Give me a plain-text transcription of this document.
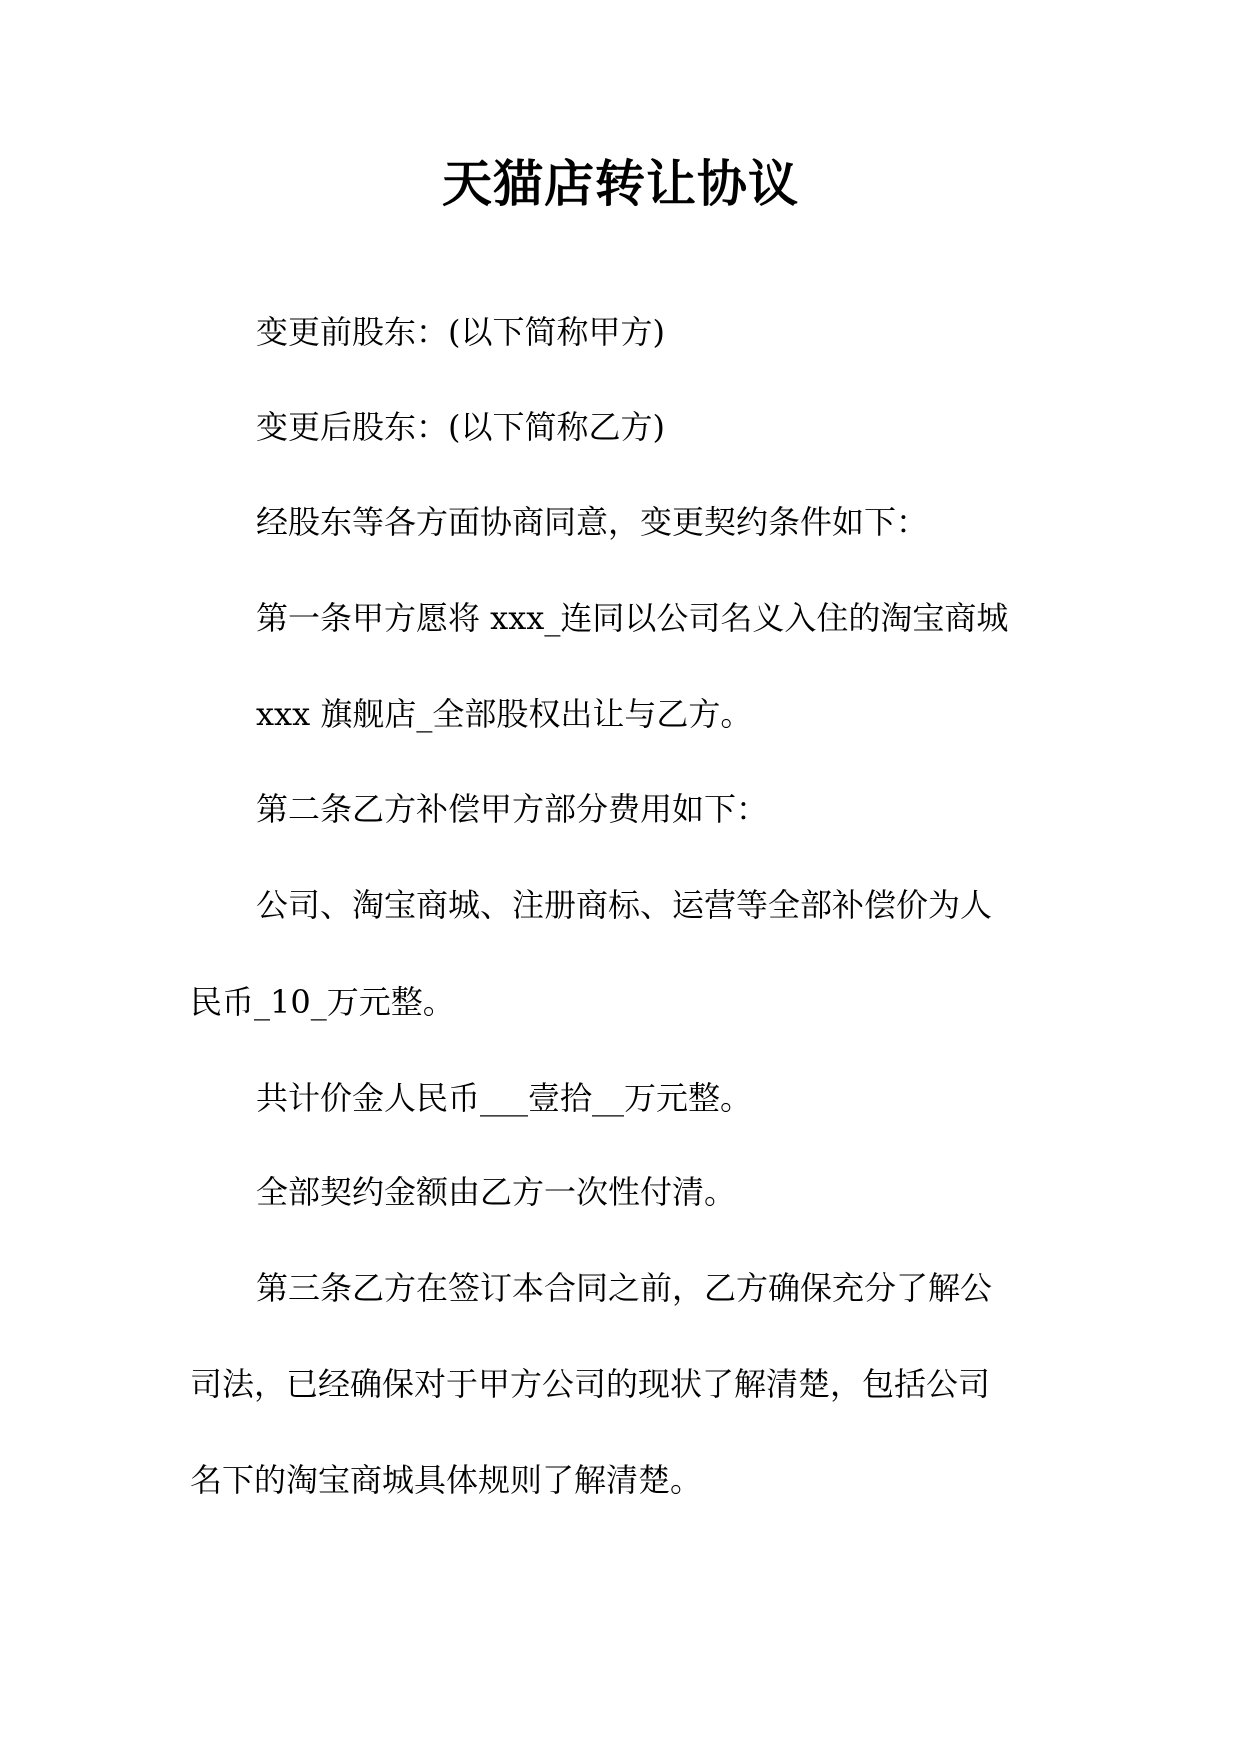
天猫店转让协议
变更前股东：(以下简称甲方)
变更后股东：(以下简称乙方)
经股东等各方面协商同意，变更契约条件如下：
第一条甲方愿将 xxx_连同以公司名义入住的淘宝商城
xxx 旗舰店_全部股权出让与乙方。
第二条乙方补偿甲方部分费用如下：
公司、淘宝商城、注册商标、运营等全部补偿价为人
民币_10_万元整。
共计价金人民币___壹拾__万元整。
全部契约金额由乙方一次性付清。
第三条乙方在签订本合同之前，乙方确保充分了解公
司法，已经确保对于甲方公司的现状了解清楚，包括公司
名下的淘宝商城具体规则了解清楚。
